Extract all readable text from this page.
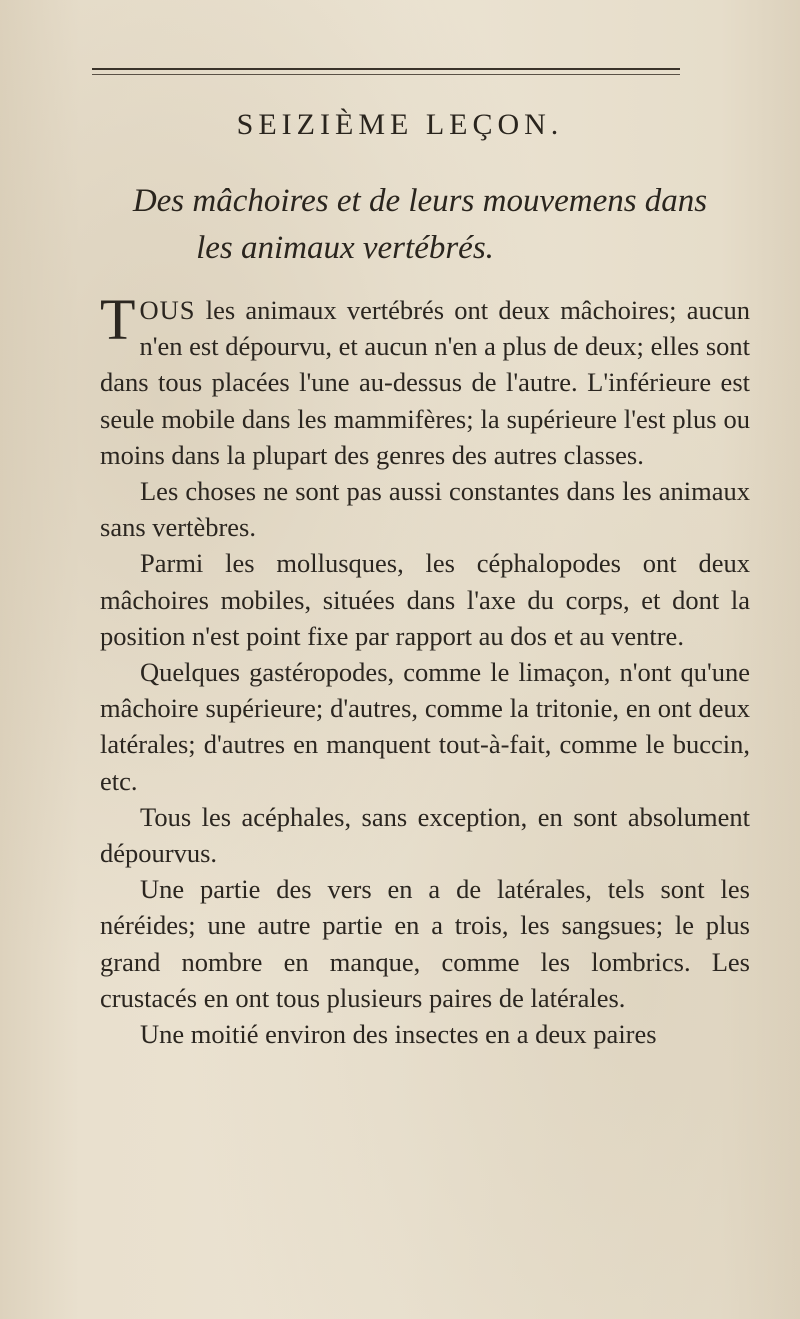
SEIZIÈME LEÇON.

Des mâchoires et de leurs mouvemens dans

les animaux vertébrés.

TOUS les animaux vertébrés ont deux mâchoires; aucun n'en est dépourvu, et aucun n'en a plus de deux; elles sont dans tous placées l'une au-dessus de l'autre. L'inférieure est seule mobile dans les mammifères; la supérieure l'est plus ou moins dans la plupart des genres des autres classes.

Les choses ne sont pas aussi constantes dans les animaux sans vertèbres.

Parmi les mollusques, les céphalopodes ont deux mâchoires mobiles, situées dans l'axe du corps, et dont la position n'est point fixe par rapport au dos et au ventre.

Quelques gastéropodes, comme le limaçon, n'ont qu'une mâchoire supérieure; d'autres, comme la tritonie, en ont deux latérales; d'autres en manquent tout-à-fait, comme le buccin, etc.

Tous les acéphales, sans exception, en sont absolument dépourvus.

Une partie des vers en a de latérales, tels sont les néréides; une autre partie en a trois, les sangsues; le plus grand nombre en manque, comme les lombrics. Les crustacés en ont tous plusieurs paires de latérales.

Une moitié environ des insectes en a deux paires
